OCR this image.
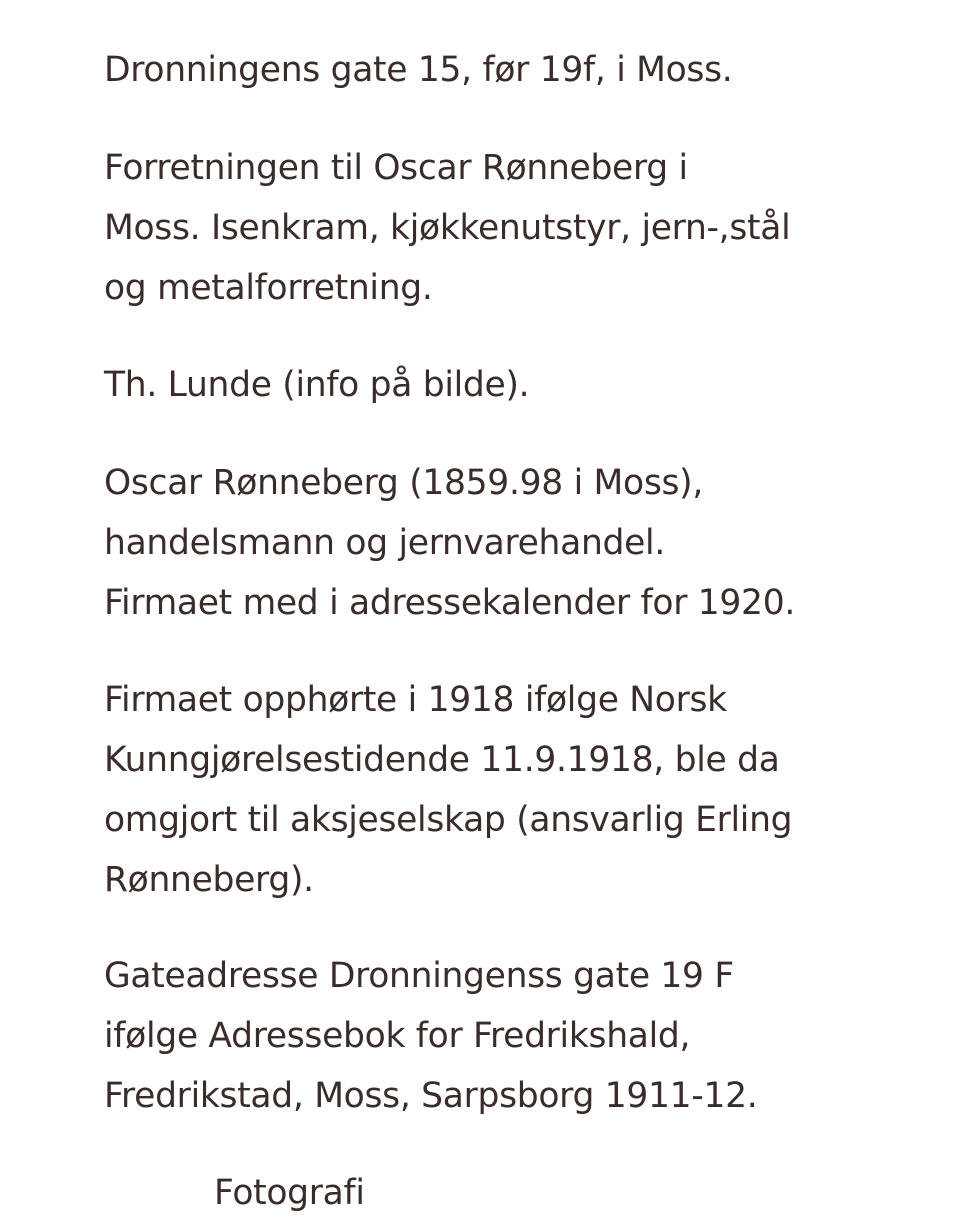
Dronningens gate 15, før 19f, i Moss.

Forretningen til Oscar Rønneberg i
Moss. Isenkram, kjøkkenutstyr, jern-,stål
og metalforretning.

Th. Lunde (info på bilde).

Oscar Rønneberg (1859.98 i Moss),
handelsmann og jernvarehandel.
Firmaet med i adressekalender for 1920.

Firmaet opphørte i 1918 ifølge Norsk
Kunngjørelsestidende 11.9.1918, ble da
omgjort til aksjeselskap (ansvarlig Erling
Rønneberg).

Gateadresse Dronningenss gate 19 F
ifølge Adressebok for Fredrikshald,
Fredrikstad, Moss, Sarpsborg 1911-12.

Fotografi
